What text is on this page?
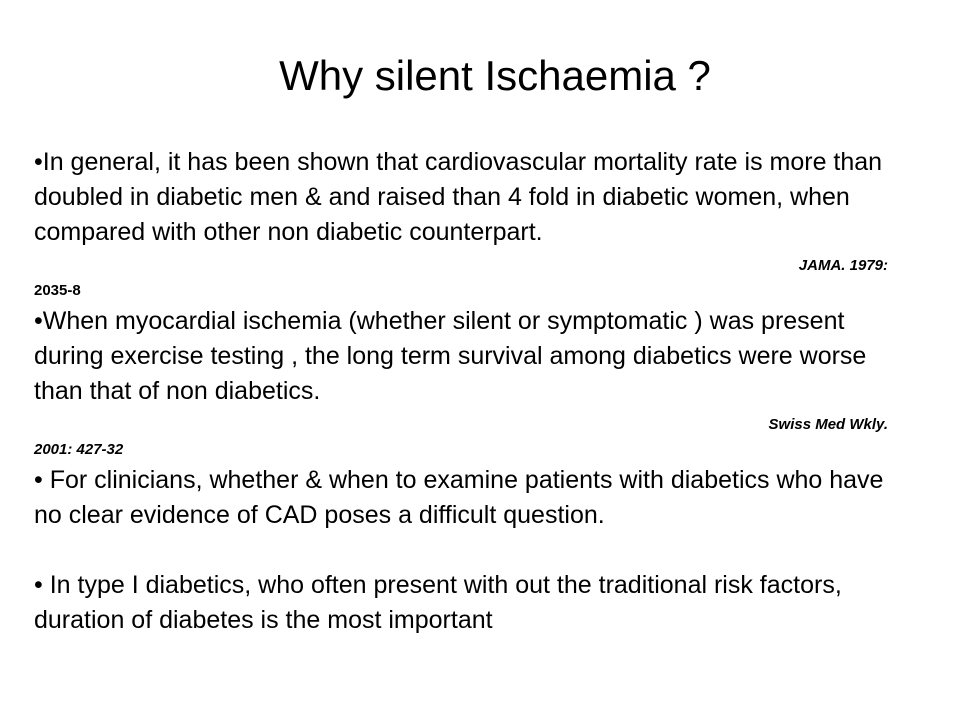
Why silent Ischaemia ?

•In general, it has been shown that cardiovascular mortality rate is more than doubled in diabetic men & and raised than 4 fold in diabetic women, when compared with other non diabetic counterpart.

JAMA. 1979:

2035-8

•When myocardial ischemia (whether silent or symptomatic ) was present during exercise testing , the long term survival among diabetics were worse than that of non diabetics.

Swiss Med Wkly.

2001: 427-32

• For clinicians, whether & when to examine patients with diabetics who have no clear evidence of CAD poses a difficult question.

• In type I diabetics, who often present with out the traditional risk factors, duration of diabetes is the most important
